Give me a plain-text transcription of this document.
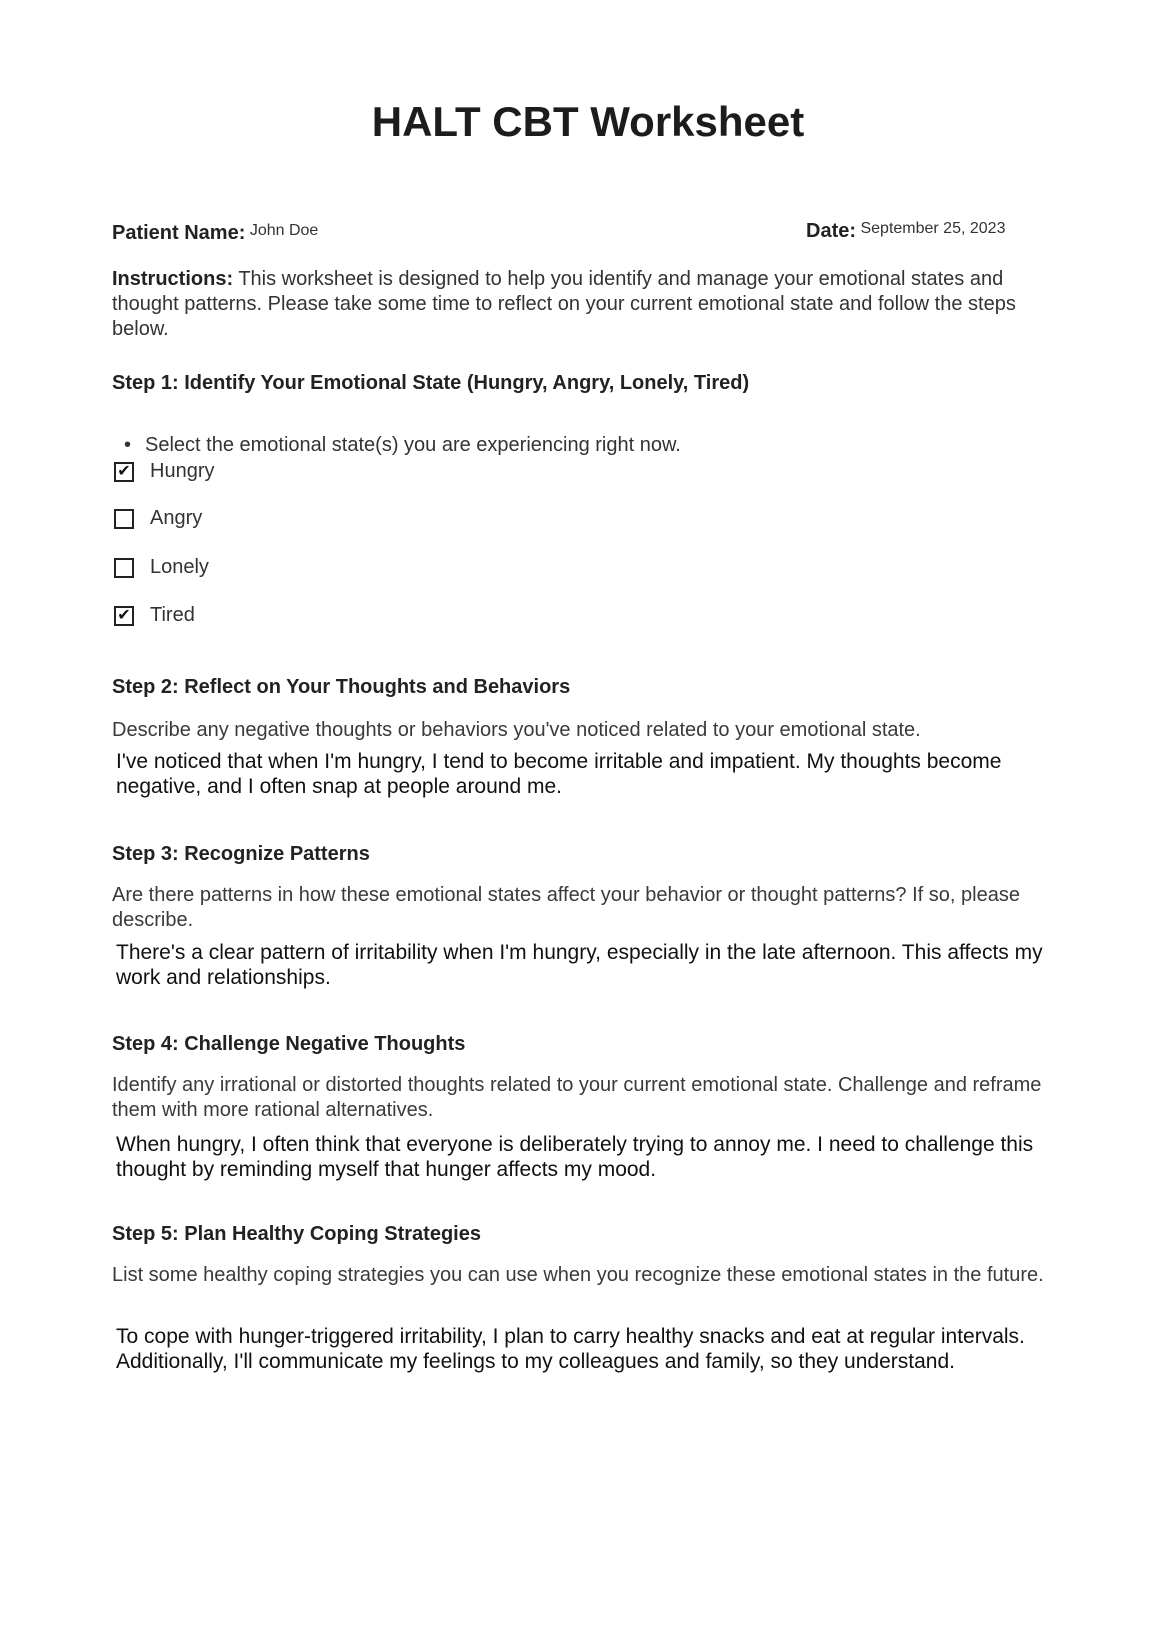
HALT CBT Worksheet
Patient Name: John Doe	Date: September 25, 2023
Instructions: This worksheet is designed to help you identify and manage your emotional states and thought patterns. Please take some time to reflect on your current emotional state and follow the steps below.
Step 1: Identify Your Emotional State (Hungry, Angry, Lonely, Tired)
• Select the emotional state(s) you are experiencing right now.
✔ Hungry
Angry
Lonely
✔ Tired
Step 2: Reflect on Your Thoughts and Behaviors
Describe any negative thoughts or behaviors you've noticed related to your emotional state.
I've noticed that when I'm hungry, I tend to become irritable and impatient. My thoughts become negative, and I often snap at people around me.
Step 3: Recognize Patterns
Are there patterns in how these emotional states affect your behavior or thought patterns? If so, please describe.
There's a clear pattern of irritability when I'm hungry, especially in the late afternoon. This affects my work and relationships.
Step 4: Challenge Negative Thoughts
Identify any irrational or distorted thoughts related to your current emotional state. Challenge and reframe them with more rational alternatives.
When hungry, I often think that everyone is deliberately trying to annoy me. I need to challenge this thought by reminding myself that hunger affects my mood.
Step 5: Plan Healthy Coping Strategies
List some healthy coping strategies you can use when you recognize these emotional states in the future.
To cope with hunger-triggered irritability, I plan to carry healthy snacks and eat at regular intervals. Additionally, I'll communicate my feelings to my colleagues and family, so they understand.
